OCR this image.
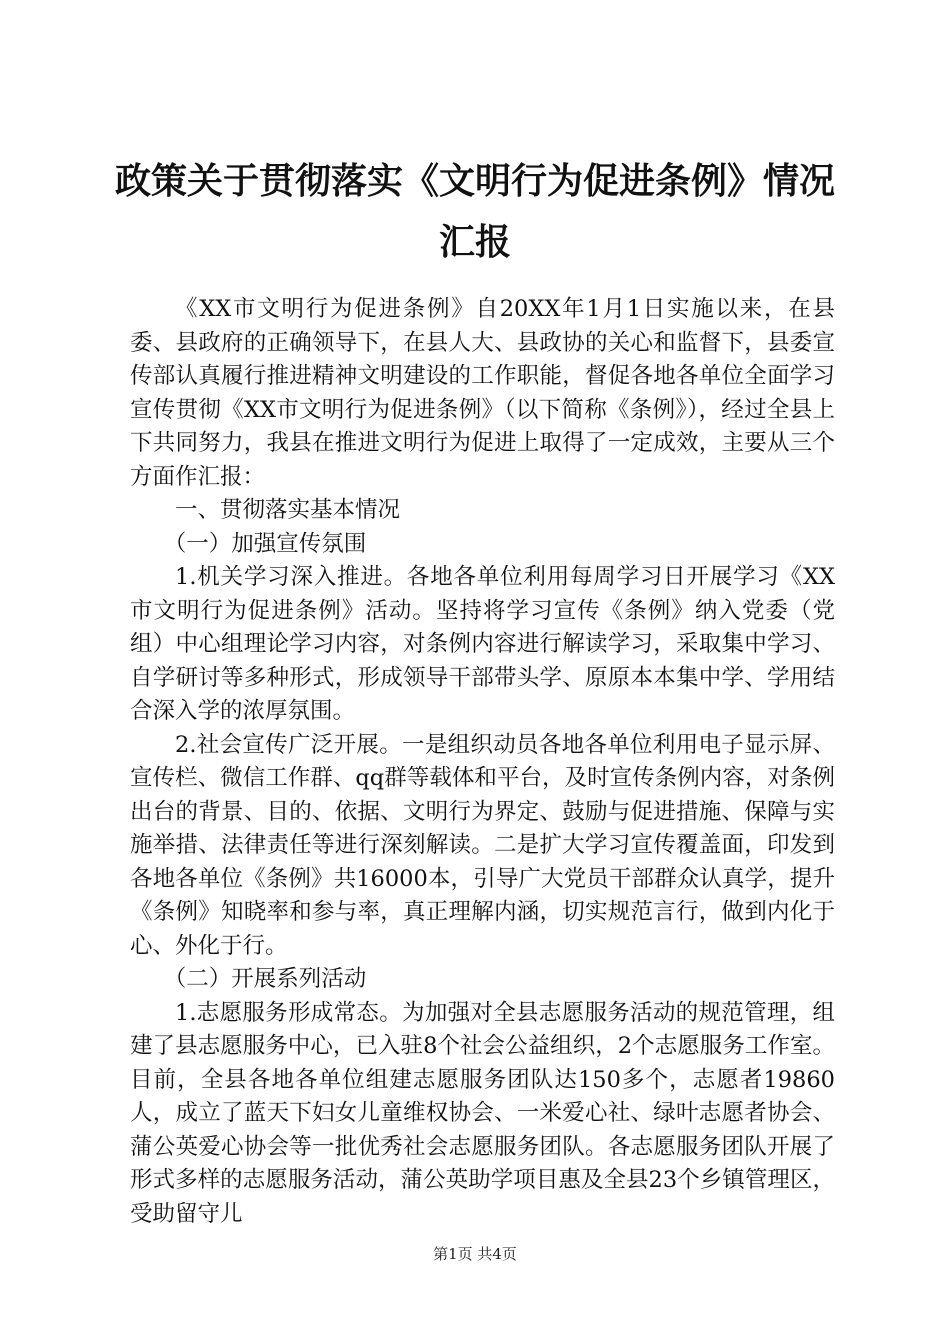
政策关于贯彻落实《文明行为促进条例》情况
汇报

《XX市文明行为促进条例》自20XX年1月1日实施以来，在县委、县政府的正确领导下，在县人大、县政协的关心和监督下，县委宣传部认真履行推进精神文明建设的工作职能，督促各地各单位全面学习宣传贯彻《XX市文明行为促进条例》（以下简称《条例》），经过全县上下共同努力，我县在推进文明行为促进上取得了一定成效，主要从三个方面作汇报：

一、贯彻落实基本情况

（一）加强宣传氛围

1.机关学习深入推进。各地各单位利用每周学习日开展学习《XX市文明行为促进条例》活动。坚持将学习宣传《条例》纳入党委（党组）中心组理论学习内容，对条例内容进行解读学习，采取集中学习、自学研讨等多种形式，形成领导干部带头学、原原本本集中学、学用结合深入学的浓厚氛围。

2.社会宣传广泛开展。一是组织动员各地各单位利用电子显示屏、宣传栏、微信工作群、qq群等载体和平台，及时宣传条例内容，对条例出台的背景、目的、依据、文明行为界定、鼓励与促进措施、保障与实施举措、法律责任等进行深刻解读。二是扩大学习宣传覆盖面，印发到各地各单位《条例》共16000本，引导广大党员干部群众认真学，提升《条例》知晓率和参与率，真正理解内涵，切实规范言行，做到内化于心、外化于行。

（二）开展系列活动

1.志愿服务形成常态。为加强对全县志愿服务活动的规范管理，组建了县志愿服务中心，已入驻8个社会公益组织，2个志愿服务工作室。目前，全县各地各单位组建志愿服务团队达150多个，志愿者19860人，成立了蓝天下妇女儿童维权协会、一米爱心社、绿叶志愿者协会、蒲公英爱心协会等一批优秀社会志愿服务团队。各志愿服务团队开展了形式多样的志愿服务活动，蒲公英助学项目惠及全县23个乡镇管理区，受助留守儿

第1页 共4页
